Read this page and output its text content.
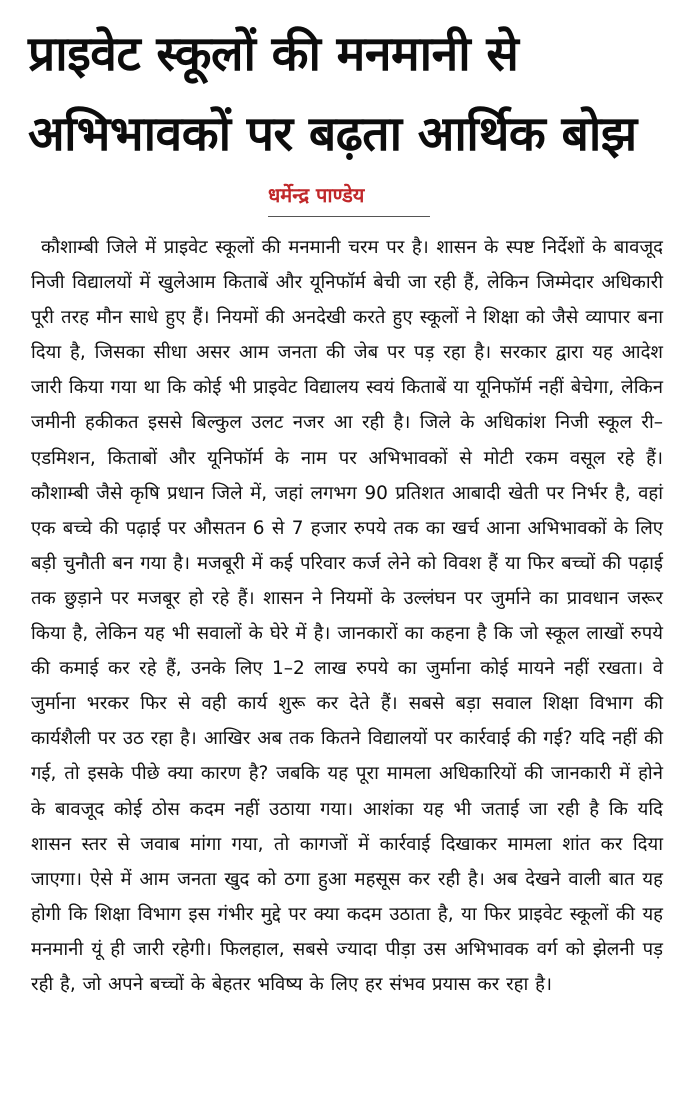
प्राइवेट स्कूलों की मनमानी से अभिभावकों पर बढ़ता आर्थिक बोझ
धर्मेन्द्र पाण्डेय

कौशाम्बी जिले में प्राइवेट स्कूलों की मनमानी चरम पर है। शासन के स्पष्ट निर्देशों के बावजूद निजी विद्यालयों में खुलेआम किताबें और यूनिफॉर्म बेची जा रही हैं, लेकिन जिम्मेदार अधिकारी पूरी तरह मौन साधे हुए हैं। नियमों की अनदेखी करते हुए स्कूलों ने शिक्षा को जैसे व्यापार बना दिया है, जिसका सीधा असर आम जनता की जेब पर पड़ रहा है। सरकार द्वारा यह आदेश जारी किया गया था कि कोई भी प्राइवेट विद्यालय स्वयं किताबें या यूनिफॉर्म नहीं बेचेगा, लेकिन जमीनी हकीकत इससे बिल्कुल उलट नजर आ रही है। जिले के अधिकांश निजी स्कूल री–एडमिशन, किताबों और यूनिफॉर्म के नाम पर अभिभावकों से मोटी रकम वसूल रहे हैं। कौशाम्बी जैसे कृषि प्रधान जिले में, जहां लगभग 90 प्रतिशत आबादी खेती पर निर्भर है, वहां एक बच्चे की पढ़ाई पर औसतन 6 से 7 हजार रुपये तक का खर्च आना अभिभावकों के लिए बड़ी चुनौती बन गया है। मजबूरी में कई परिवार कर्ज लेने को विवश हैं या फिर बच्चों की पढ़ाई तक छुड़ाने पर मजबूर हो रहे हैं। शासन ने नियमों के उल्लंघन पर जुर्माने का प्रावधान जरूर किया है, लेकिन यह भी सवालों के घेरे में है। जानकारों का कहना है कि जो स्कूल लाखों रुपये की कमाई कर रहे हैं, उनके लिए 1–2 लाख रुपये का जुर्माना कोई मायने नहीं रखता। वे जुर्माना भरकर फिर से वही कार्य शुरू कर देते हैं। सबसे बड़ा सवाल शिक्षा विभाग की कार्यशैली पर उठ रहा है। आखिर अब तक कितने विद्यालयों पर कार्रवाई की गई? यदि नहीं की गई, तो इसके पीछे क्या कारण है? जबकि यह पूरा मामला अधिकारियों की जानकारी में होने के बावजूद कोई ठोस कदम नहीं उठाया गया। आशंका यह भी जताई जा रही है कि यदि शासन स्तर से जवाब मांगा गया, तो कागजों में कार्रवाई दिखाकर मामला शांत कर दिया जाएगा। ऐसे में आम जनता खुद को ठगा हुआ महसूस कर रही है। अब देखने वाली बात यह होगी कि शिक्षा विभाग इस गंभीर मुद्दे पर क्या कदम उठाता है, या फिर प्राइवेट स्कूलों की यह मनमानी यूं ही जारी रहेगी। फिलहाल, सबसे ज्यादा पीड़ा उस अभिभावक वर्ग को झेलनी पड़ रही है, जो अपने बच्चों के बेहतर भविष्य के लिए हर संभव प्रयास कर रहा है।
